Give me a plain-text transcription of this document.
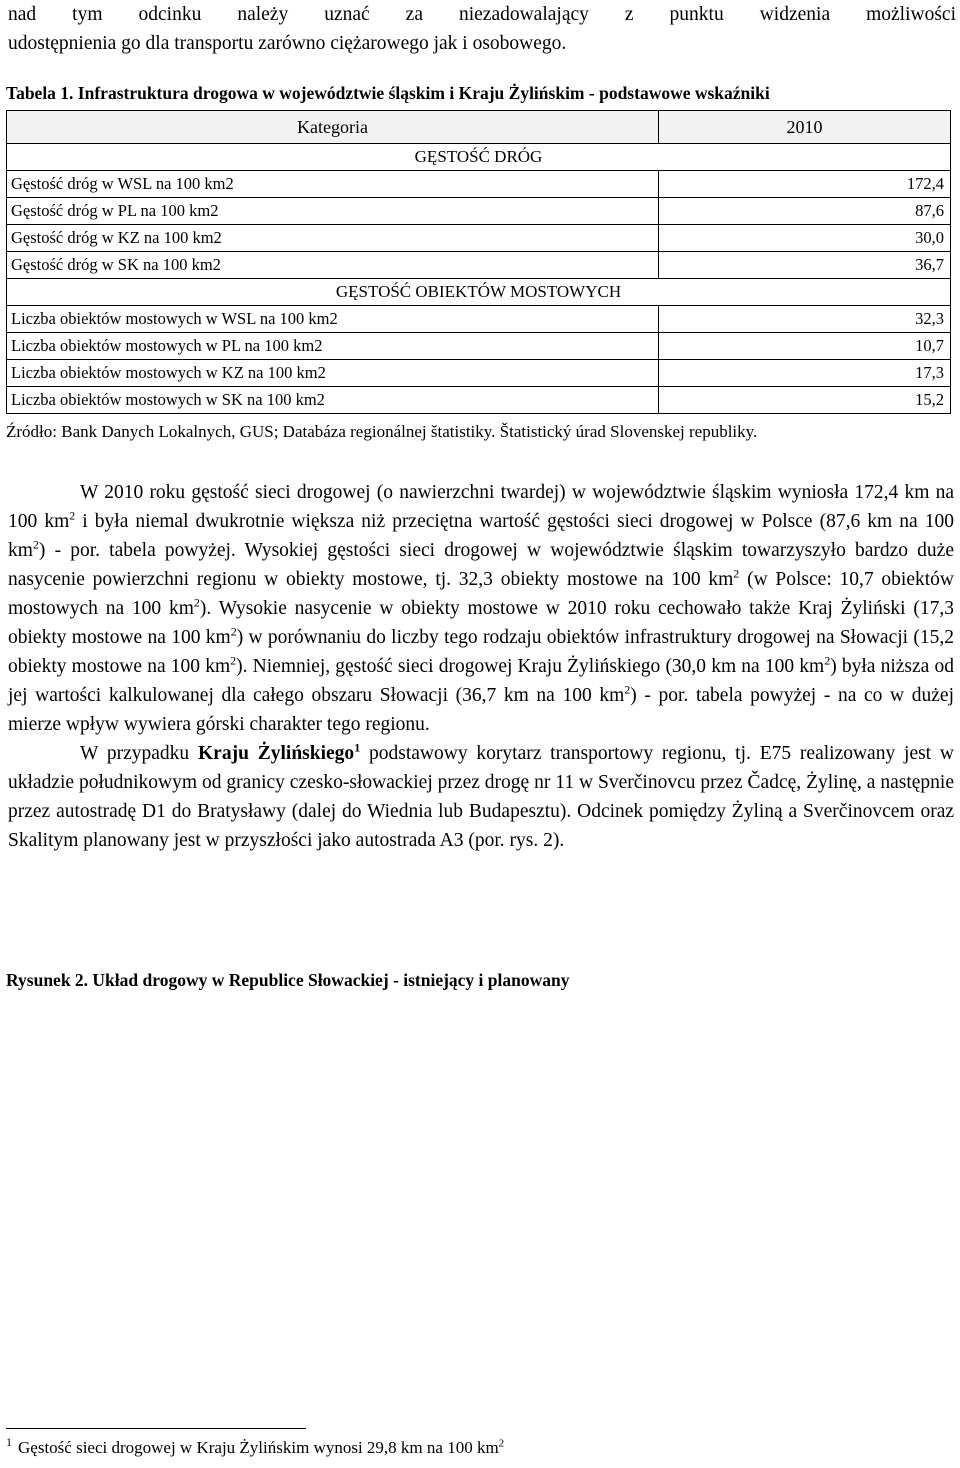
nad tym odcinku należy uznać za niezadowalający z punktu widzenia możliwości
udostępnienia go dla transportu zarówno ciężarowego jak i osobowego.
Tabela 1. Infrastruktura drogowa w województwie śląskim i Kraju Żylińskim - podstawowe wskaźniki
Kategoria	2010
GĘSTOŚĆ DRÓG	
Gęstość dróg w WSL na 100 km2	172,4
Gęstość dróg w PL na 100 km2	87,6
Gęstość dróg w KZ na 100 km2	30,0
Gęstość dróg w SK na 100 km2	36,7
GĘSTOŚĆ OBIEKTÓW MOSTOWYCH	
Liczba obiektów mostowych w WSL na 100 km2	32,3
Liczba obiektów mostowych w PL na 100 km2	10,7
Liczba obiektów mostowych w KZ na 100 km2	17,3
Liczba obiektów mostowych w SK na 100 km2	15,2
Źródło: Bank Danych Lokalnych, GUS; Databáza regionálnej štatistiky. Štatistický úrad Slovenskej republiky.

W 2010 roku gęstość sieci drogowej (o nawierzchni twardej) w województwie śląskim wyniosła 172,4 km na 100 $km^2$ i była niemal dwukrotnie większa niż przeciętna wartość gęstości sieci drogowej w Polsce (87,6 km na 100 $km^2$) - por. tabela powyżej. Wysokiej gęstości sieci drogowej w województwie śląskim towarzyszyło bardzo duże nasycenie powierzchni regionu w obiekty mostowe, tj. 32,3 obiekty mostowe na 100 $km^2$ (w Polsce: 10,7 obiektów mostowych na 100 $km^2$). Wysokie nasycenie w obiekty mostowe w 2010 roku cechowało także Kraj Żyliński (17,3 obiekty mostowe na 100 $km^2$) w porównaniu do liczby tego rodzaju obiektów infrastruktury drogowej na Słowacji (15,2 obiekty mostowe na 100 $km^2$). Niemniej, gęstość sieci drogowej Kraju Żylińskiego (30,0 km na 100 $km^2$) była niższa od jej wartości kalkulowanej dla całego obszaru Słowacji (36,7 km na 100 $km^2$) - por. tabela powyżej - na co w dużej mierze wpływ wywiera górski charakter tego regionu.

W przypadku Kraju Żylińskiego$^1$ podstawowy korytarz transportowy regionu, tj. E75 realizowany jest w układzie południkowym od granicy czesko-słowackiej przez drogę nr 11 w Sverčinovcu przez Čadcę, Żylinę, a następnie przez autostradę D1 do Bratysławy (dalej do Wiednia lub Budapesztu). Odcinek pomiędzy Żyliną a Sverčinovcem oraz Skalitym planowany jest w przyszłości jako autostrada A3 (por. rys. 2).

Rysunek 2. Układ drogowy w Republice Słowackiej - istniejący i planowany
$^1$ Gęstość sieci drogowej w Kraju Żylińskim wynosi 29,8 km na 100 $km^2$
